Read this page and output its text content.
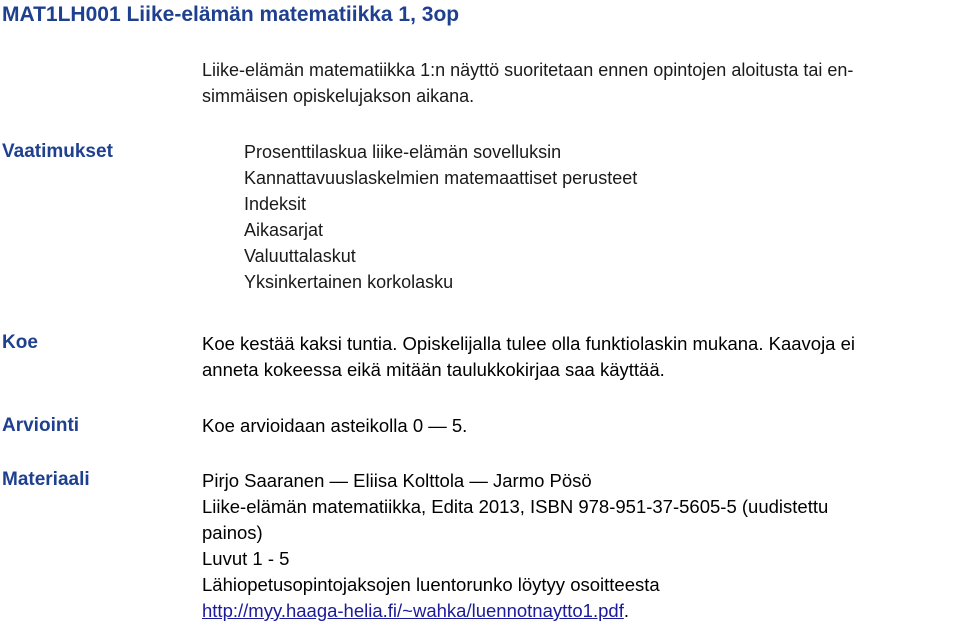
MAT1LH001 Liike-elämän matematiikka 1, 3op
Liike-elämän matematiikka 1:n näyttö suoritetaan ennen opintojen aloitusta tai en-
simmäisen opiskelujakson aikana.
Vaatimukset	Prosenttilaskua liike-elämän sovelluksin
Kannattavuuslaskelmien matemaattiset perusteet
Indeksit
Aikasarjat
Valuuttalaskut
Yksinkertainen korkolasku
Koe	Koe kestää kaksi tuntia. Opiskelijalla tulee olla funktiolaskin mukana. Kaavoja ei
anneta kokeessa eikä mitään taulukkokirjaa saa käyttää.
Arviointi	Koe arvioidaan asteikolla 0 — 5.
Materiaali	Pirjo Saaranen — Eliisa Kolttola — Jarmo Pösö
Liike-elämän matematiikka, Edita 2013, ISBN 978-951-37-5605-5 (uudistettu
painos)
Luvut 1 - 5
Lähiopetusopintojaksojen luentorunko löytyy osoitteesta
http://myy.haaga-helia.fi/~wahka/luennotnaytto1.pdf.
